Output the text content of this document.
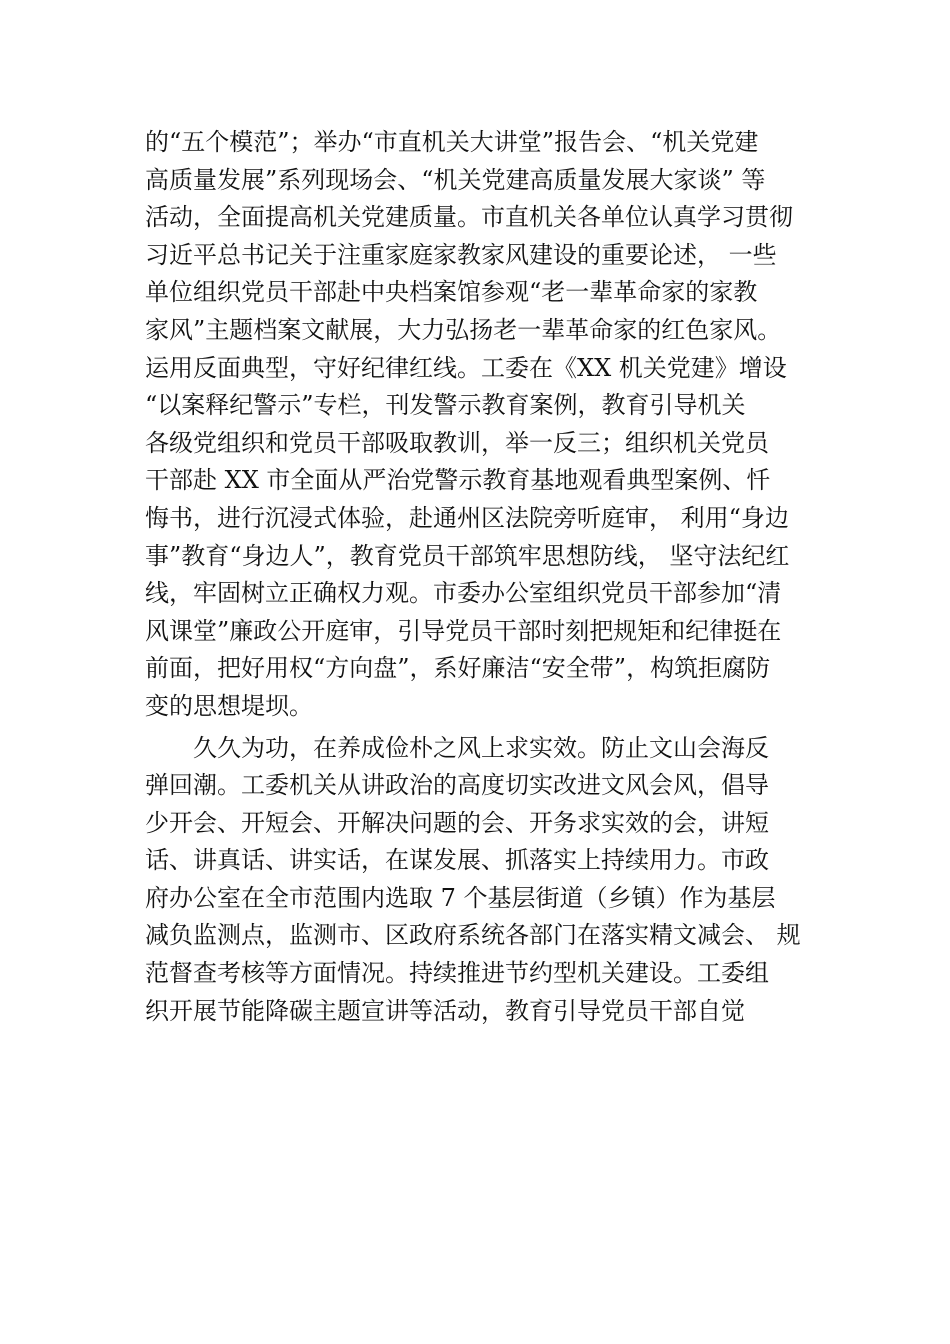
的“五个模范”；举办“市直机关大讲堂”报告会、“机关党建
高质量发展”系列现场会、“机关党建高质量发展大家谈” 等
活动，全面提高机关党建质量。市直机关各单位认真学习贯彻
习近平总书记关于注重家庭家教家风建设的重要论述， 一些
单位组织党员干部赴中央档案馆参观“老一辈革命家的家教
家风”主题档案文献展，大力弘扬老一辈革命家的红色家风。
运用反面典型，守好纪律红线。工委在《XX 机关党建》增设
“以案释纪警示”专栏，刊发警示教育案例，教育引导机关
各级党组织和党员干部吸取教训，举一反三；组织机关党员
干部赴 XX 市全面从严治党警示教育基地观看典型案例、忏
悔书，进行沉浸式体验，赴通州区法院旁听庭审， 利用“身边
事”教育“身边人”，教育党员干部筑牢思想防线， 坚守法纪红
线，牢固树立正确权力观。市委办公室组织党员干部参加“清
风课堂”廉政公开庭审，引导党员干部时刻把规矩和纪律挺在
前面，把好用权“方向盘”，系好廉洁“安全带”，构筑拒腐防
变的思想堤坝。
久久为功，在养成俭朴之风上求实效。防止文山会海反
弹回潮。工委机关从讲政治的高度切实改进文风会风，倡导
少开会、开短会、开解决问题的会、开务求实效的会，讲短
话、讲真话、讲实话，在谋发展、抓落实上持续用力。市政
府办公室在全市范围内选取 7 个基层街道（乡镇）作为基层
减负监测点，监测市、区政府系统各部门在落实精文减会、 规
范督查考核等方面情况。持续推进节约型机关建设。工委组
织开展节能降碳主题宣讲等活动，教育引导党员干部自觉
